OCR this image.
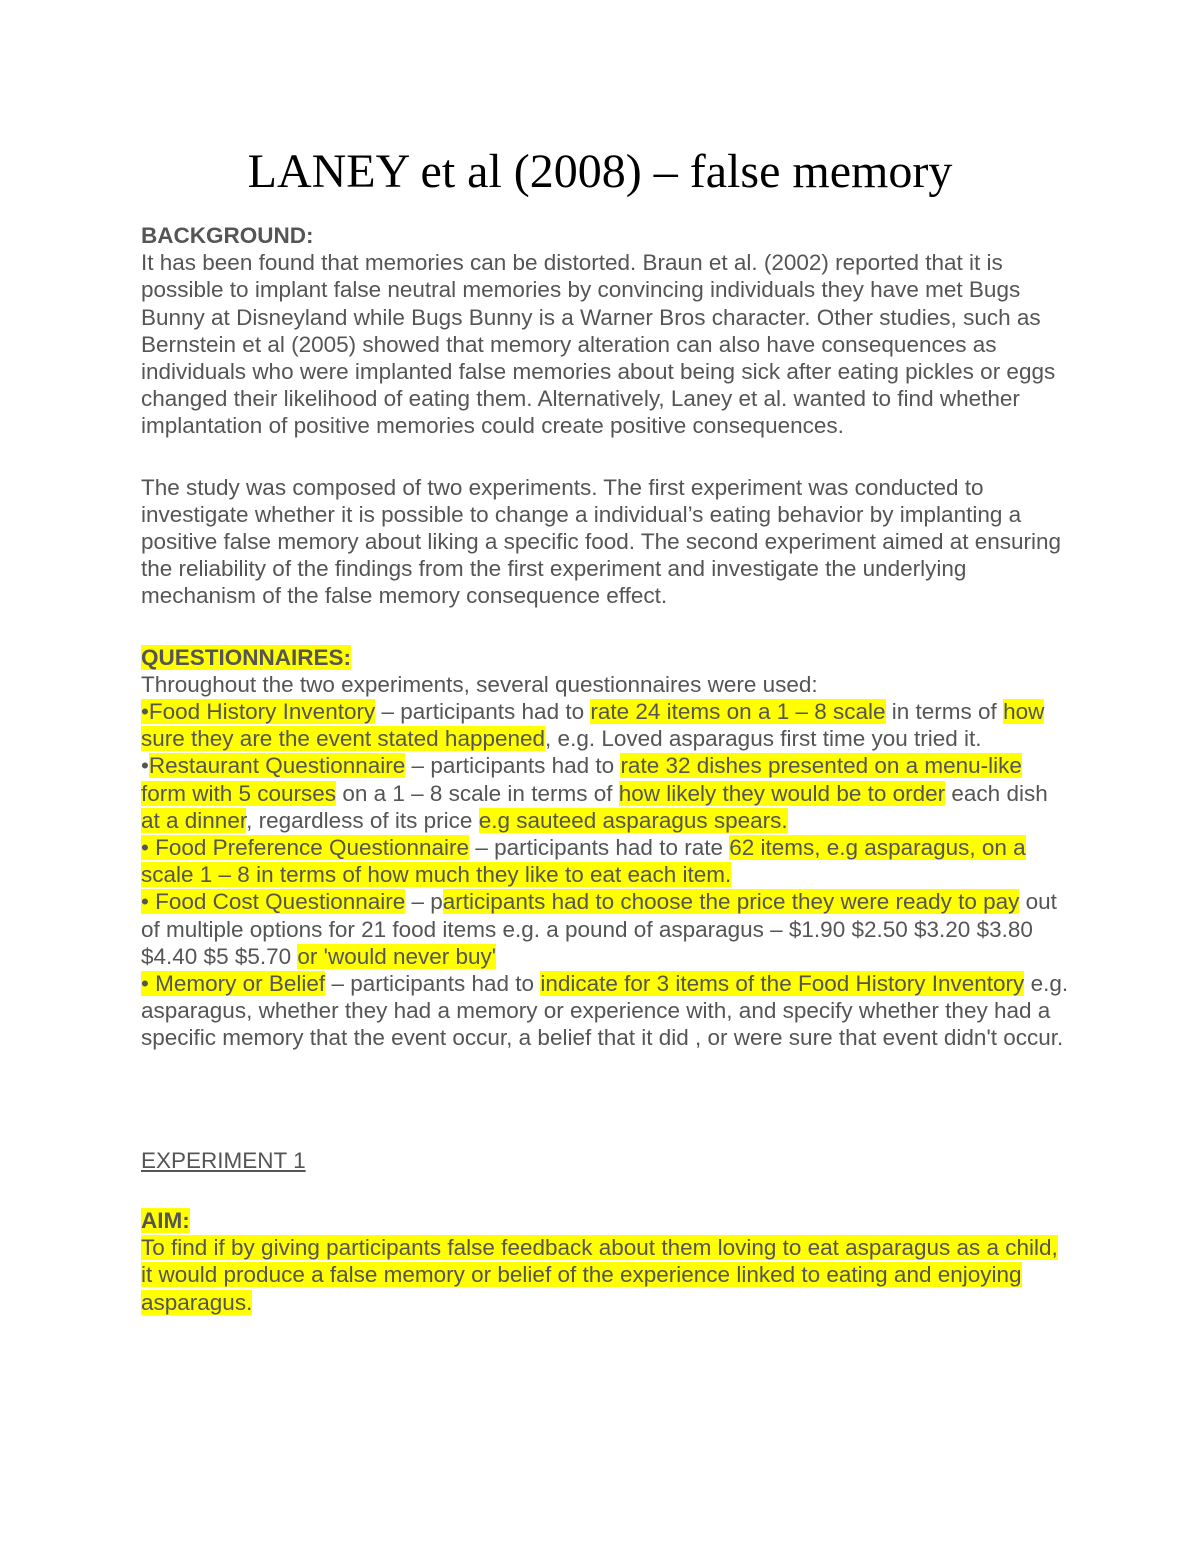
LANEY et al (2008) – false memory

BACKGROUND:

It has been found that memories can be distorted. Braun et al. (2002) reported that it is possible to implant false neutral memories by convincing individuals they have met Bugs Bunny at Disneyland while Bugs Bunny is a Warner Bros character. Other studies, such as Bernstein et al (2005) showed that memory alteration can also have consequences as individuals who were implanted false memories about being sick after eating pickles or eggs changed their likelihood of eating them. Alternatively, Laney et al. wanted to find whether implantation of positive memories could create positive consequences.

The study was composed of two experiments. The first experiment was conducted to investigate whether it is possible to change a individual’s eating behavior by implanting a positive false memory about liking a specific food. The second experiment aimed at ensuring the reliability of the findings from the first experiment and investigate the underlying mechanism of the false memory consequence effect.

QUESTIONNAIRES:

Throughout the two experiments, several questionnaires were used:

•Food History Inventory – participants had to rate 24 items on a 1 – 8 scale in terms of how sure they are the event stated happened, e.g. Loved asparagus first time you tried it.

•Restaurant Questionnaire – participants had to rate 32 dishes presented on a menu-like form with 5 courses on a 1 – 8 scale in terms of how likely they would be to order each dish at a dinner, regardless of its price e.g sauteed asparagus spears.

• Food Preference Questionnaire – participants had to rate 62 items, e.g asparagus, on a scale 1 – 8 in terms of how much they like to eat each item.

• Food Cost Questionnaire – participants had to choose the price they were ready to pay out of multiple options for 21 food items e.g. a pound of asparagus – $1.90 $2.50 $3.20 $3.80 $4.40 $5 $5.70 or 'would never buy'

• Memory or Belief – participants had to indicate for 3 items of the Food History Inventory e.g. asparagus, whether they had a memory or experience with, and specify whether they had a specific memory that the event occur, a belief that it did , or were sure that event didn't occur.

EXPERIMENT 1

AIM:

To find if by giving participants false feedback about them loving to eat asparagus as a child, it would produce a false memory or belief of the experience linked to eating and enjoying asparagus.
